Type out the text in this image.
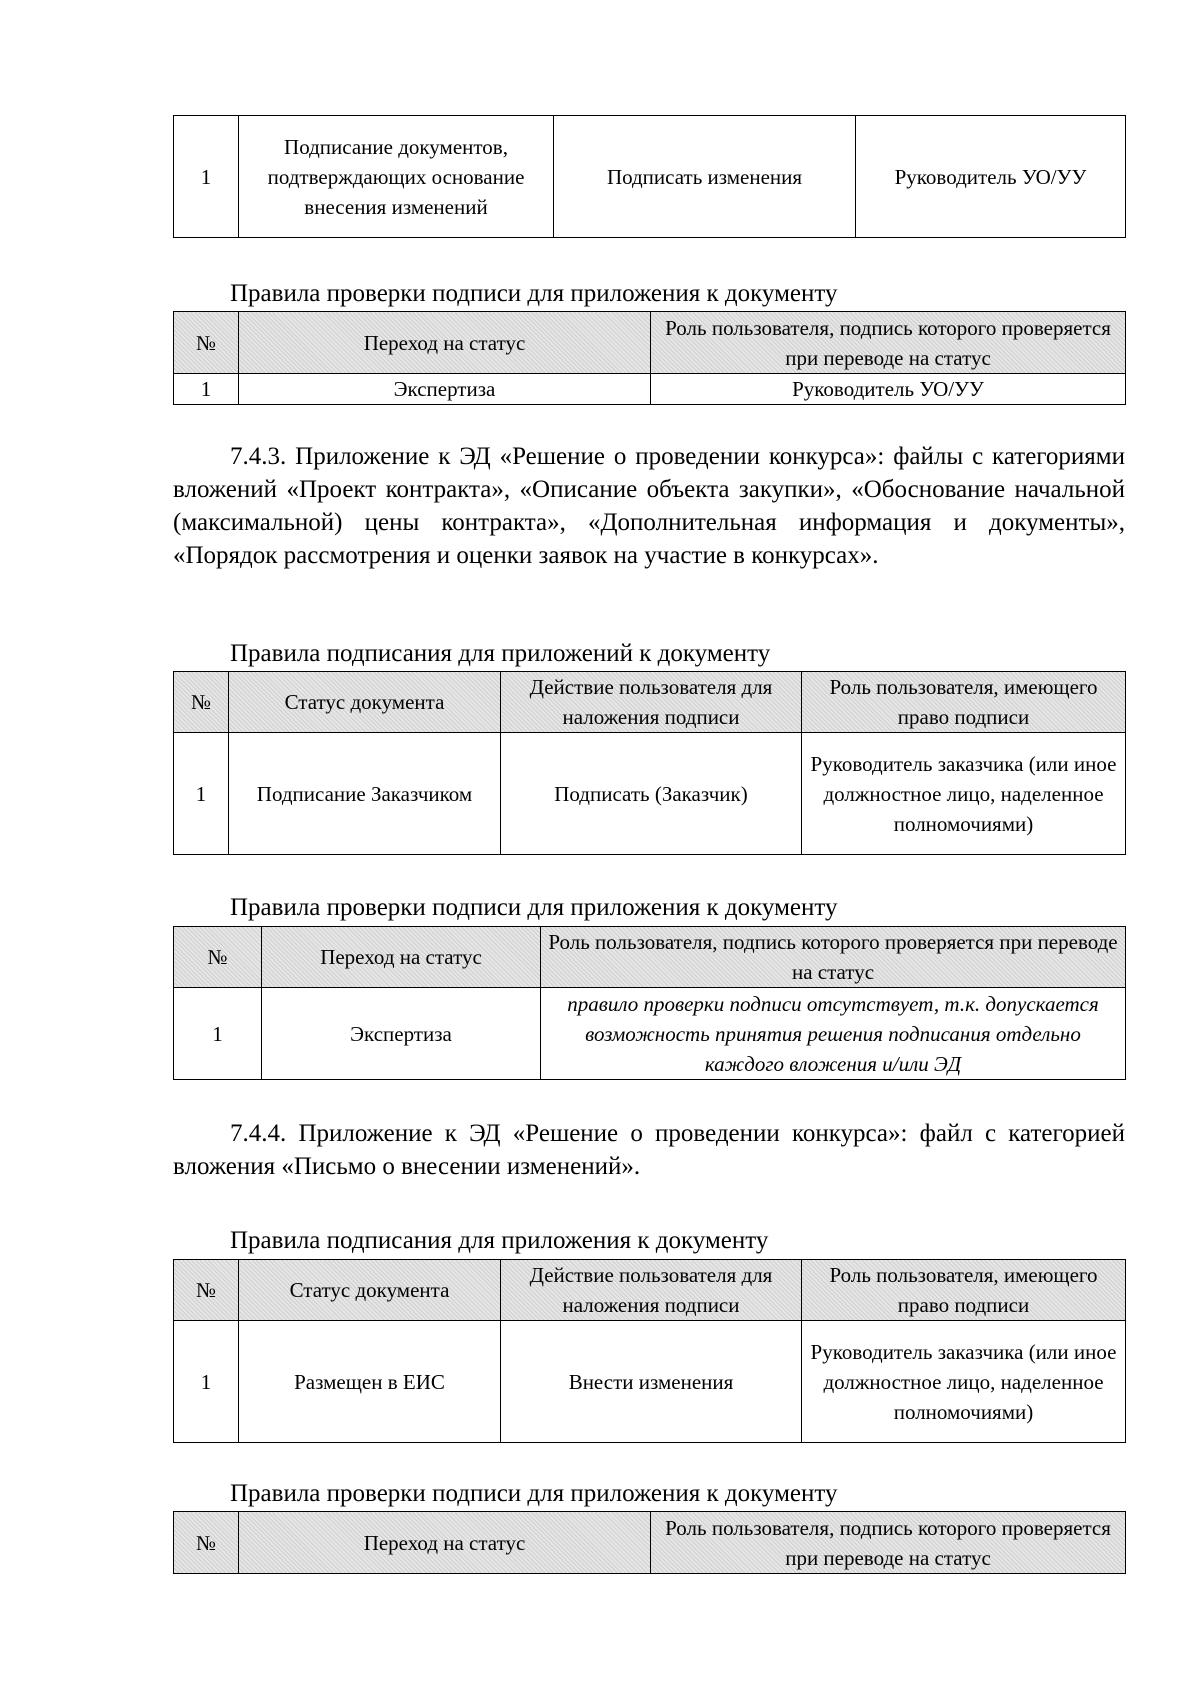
1	Подписание документов, подтверждающих основание внесения изменений	Подписать изменения	Руководитель УО/УУ
Правила проверки подписи для приложения к документу
№	Переход на статус	Роль пользователя, подпись которого проверяется при переводе на статус
1	Экспертиза	Руководитель УО/УУ
7.4.3. Приложение к ЭД «Решение о проведении конкурса»: файлы с категориями вложений «Проект контракта», «Описание объекта закупки», «Обоснование начальной (максимальной) цены контракта», «Дополнительная информация и документы», «Порядок рассмотрения и оценки заявок на участие в конкурсах».
Правила подписания для приложений к документу
№	Статус документа	Действие пользователя для наложения подписи	Роль пользователя, имеющего право подписи
1	Подписание Заказчиком	Подписать (Заказчик)	Руководитель заказчика (или иное должностное лицо, наделенное полномочиями)
Правила проверки подписи для приложения к документу
№	Переход на статус	Роль пользователя, подпись которого проверяется при переводе на статус
1	Экспертиза	правило проверки подписи отсутствует, т.к. допускается возможность принятия решения подписания отдельно каждого вложения и/или ЭД
7.4.4. Приложение к ЭД «Решение о проведении конкурса»: файл с категорией вложения «Письмо о внесении изменений».
Правила подписания для приложения к документу
№	Статус документа	Действие пользователя для наложения подписи	Роль пользователя, имеющего право подписи
1	Размещен в ЕИС	Внести изменения	Руководитель заказчика (или иное должностное лицо, наделенное полномочиями)
Правила проверки подписи для приложения к документу
№	Переход на статус	Роль пользователя, подпись которого проверяется при переводе на статус
